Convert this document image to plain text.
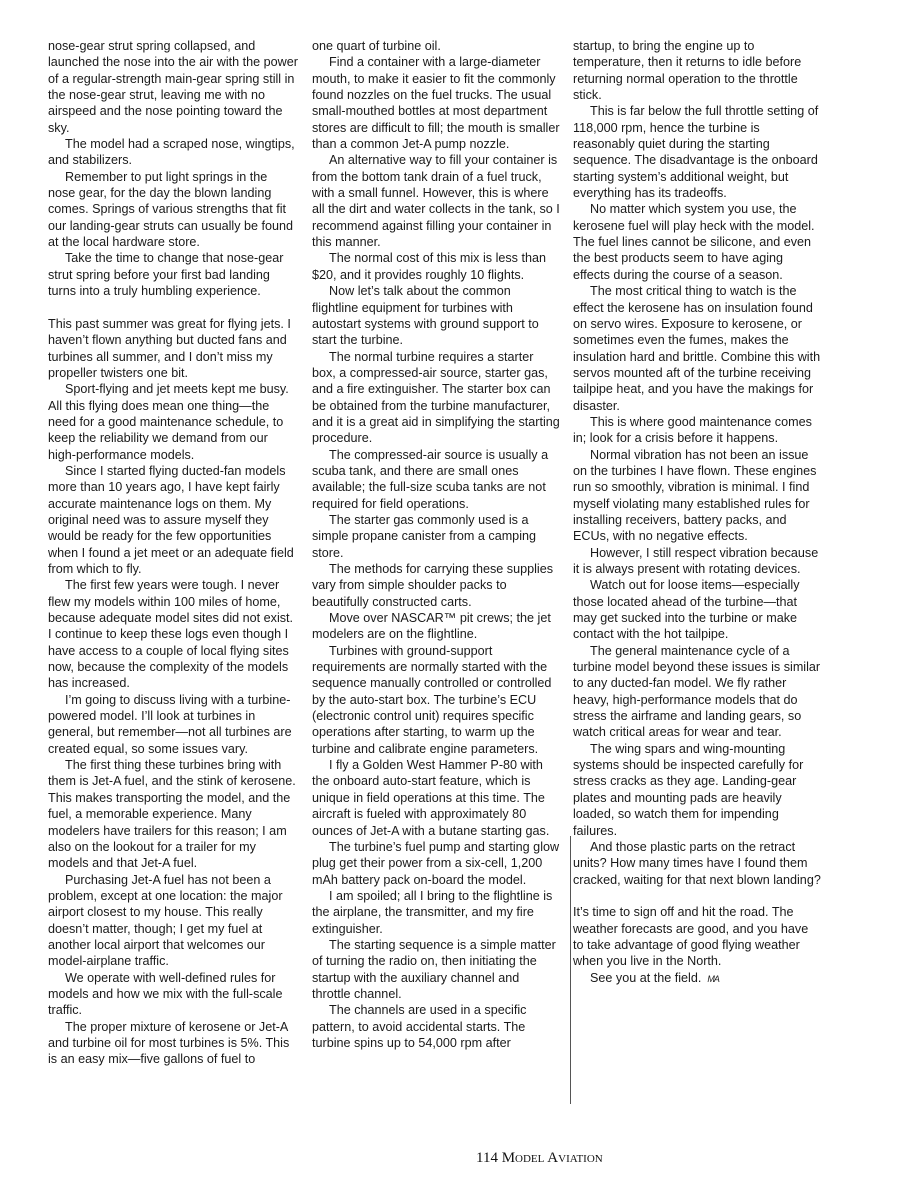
nose-gear strut spring collapsed, and launched the nose into the air with the power of a regular-strength main-gear spring still in the nose-gear strut, leaving me with no airspeed and the nose pointing toward the sky.

The model had a scraped nose, wingtips, and stabilizers.

Remember to put light springs in the nose gear, for the day the blown landing comes. Springs of various strengths that fit our landing-gear struts can usually be found at the local hardware store.

Take the time to change that nose-gear strut spring before your first bad landing turns into a truly humbling experience.

This past summer was great for flying jets. I haven’t flown anything but ducted fans and turbines all summer, and I don’t miss my propeller twisters one bit.

Sport-flying and jet meets kept me busy. All this flying does mean one thing—the need for a good maintenance schedule, to keep the reliability we demand from our high-performance models.

Since I started flying ducted-fan models more than 10 years ago, I have kept fairly accurate maintenance logs on them. My original need was to assure myself they would be ready for the few opportunities when I found a jet meet or an adequate field from which to fly.

The first few years were tough. I never flew my models within 100 miles of home, because adequate model sites did not exist. I continue to keep these logs even though I have access to a couple of local flying sites now, because the complexity of the models has increased.

I’m going to discuss living with a turbine-powered model. I’ll look at turbines in general, but remember—not all turbines are created equal, so some issues vary.

The first thing these turbines bring with them is Jet-A fuel, and the stink of kerosene. This makes transporting the model, and the fuel, a memorable experience. Many modelers have trailers for this reason; I am also on the lookout for a trailer for my models and that Jet-A fuel.

Purchasing Jet-A fuel has not been a problem, except at one location: the major airport closest to my house. This really doesn’t matter, though; I get my fuel at another local airport that welcomes our model-airplane traffic.

We operate with well-defined rules for models and how we mix with the full-scale traffic.

The proper mixture of kerosene or Jet-A and turbine oil for most turbines is 5%. This is an easy mix—five gallons of fuel to

one quart of turbine oil.

Find a container with a large-diameter mouth, to make it easier to fit the commonly found nozzles on the fuel trucks. The usual small-mouthed bottles at most department stores are difficult to fill; the mouth is smaller than a common Jet-A pump nozzle.

An alternative way to fill your container is from the bottom tank drain of a fuel truck, with a small funnel. However, this is where all the dirt and water collects in the tank, so I recommend against filling your container in this manner.

The normal cost of this mix is less than $20, and it provides roughly 10 flights.

Now let’s talk about the common flightline equipment for turbines with autostart systems with ground support to start the turbine.

The normal turbine requires a starter box, a compressed-air source, starter gas, and a fire extinguisher. The starter box can be obtained from the turbine manufacturer, and it is a great aid in simplifying the starting procedure.

The compressed-air source is usually a scuba tank, and there are small ones available; the full-size scuba tanks are not required for field operations.

The starter gas commonly used is a simple propane canister from a camping store.

The methods for carrying these supplies vary from simple shoulder packs to beautifully constructed carts.

Move over NASCAR™ pit crews; the jet modelers are on the flightline.

Turbines with ground-support requirements are normally started with the sequence manually controlled or controlled by the auto-start box. The turbine’s ECU (electronic control unit) requires specific operations after starting, to warm up the turbine and calibrate engine parameters.

I fly a Golden West Hammer P-80 with the onboard auto-start feature, which is unique in field operations at this time. The aircraft is fueled with approximately 80 ounces of Jet-A with a butane starting gas.

The turbine’s fuel pump and starting glow plug get their power from a six-cell, 1,200 mAh battery pack on-board the model.

I am spoiled; all I bring to the flightline is the airplane, the transmitter, and my fire extinguisher.

The starting sequence is a simple matter of turning the radio on, then initiating the startup with the auxiliary channel and throttle channel.

The channels are used in a specific pattern, to avoid accidental starts. The turbine spins up to 54,000 rpm after

startup, to bring the engine up to temperature, then it returns to idle before returning normal operation to the throttle stick.

This is far below the full throttle setting of 118,000 rpm, hence the turbine is reasonably quiet during the starting sequence. The disadvantage is the onboard starting system’s additional weight, but everything has its tradeoffs.

No matter which system you use, the kerosene fuel will play heck with the model. The fuel lines cannot be silicone, and even the best products seem to have aging effects during the course of a season.

The most critical thing to watch is the effect the kerosene has on insulation found on servo wires. Exposure to kerosene, or sometimes even the fumes, makes the insulation hard and brittle. Combine this with servos mounted aft of the turbine receiving tailpipe heat, and you have the makings for disaster.

This is where good maintenance comes in; look for a crisis before it happens.

Normal vibration has not been an issue on the turbines I have flown. These engines run so smoothly, vibration is minimal. I find myself violating many established rules for installing receivers, battery packs, and ECUs, with no negative effects.

However, I still respect vibration because it is always present with rotating devices.

Watch out for loose items—especially those located ahead of the turbine—that may get sucked into the turbine or make contact with the hot tailpipe.

The general maintenance cycle of a turbine model beyond these issues is similar to any ducted-fan model. We fly rather heavy, high-performance models that do stress the airframe and landing gears, so watch critical areas for wear and tear.

The wing spars and wing-mounting systems should be inspected carefully for stress cracks as they age. Landing-gear plates and mounting pads are heavily loaded, so watch them for impending failures.

And those plastic parts on the retract units? How many times have I found them cracked, waiting for that next blown landing?

It’s time to sign off and hit the road. The weather forecasts are good, and you have to take advantage of good flying weather when you live in the North.

See you at the field. MA

114 Model Aviation
